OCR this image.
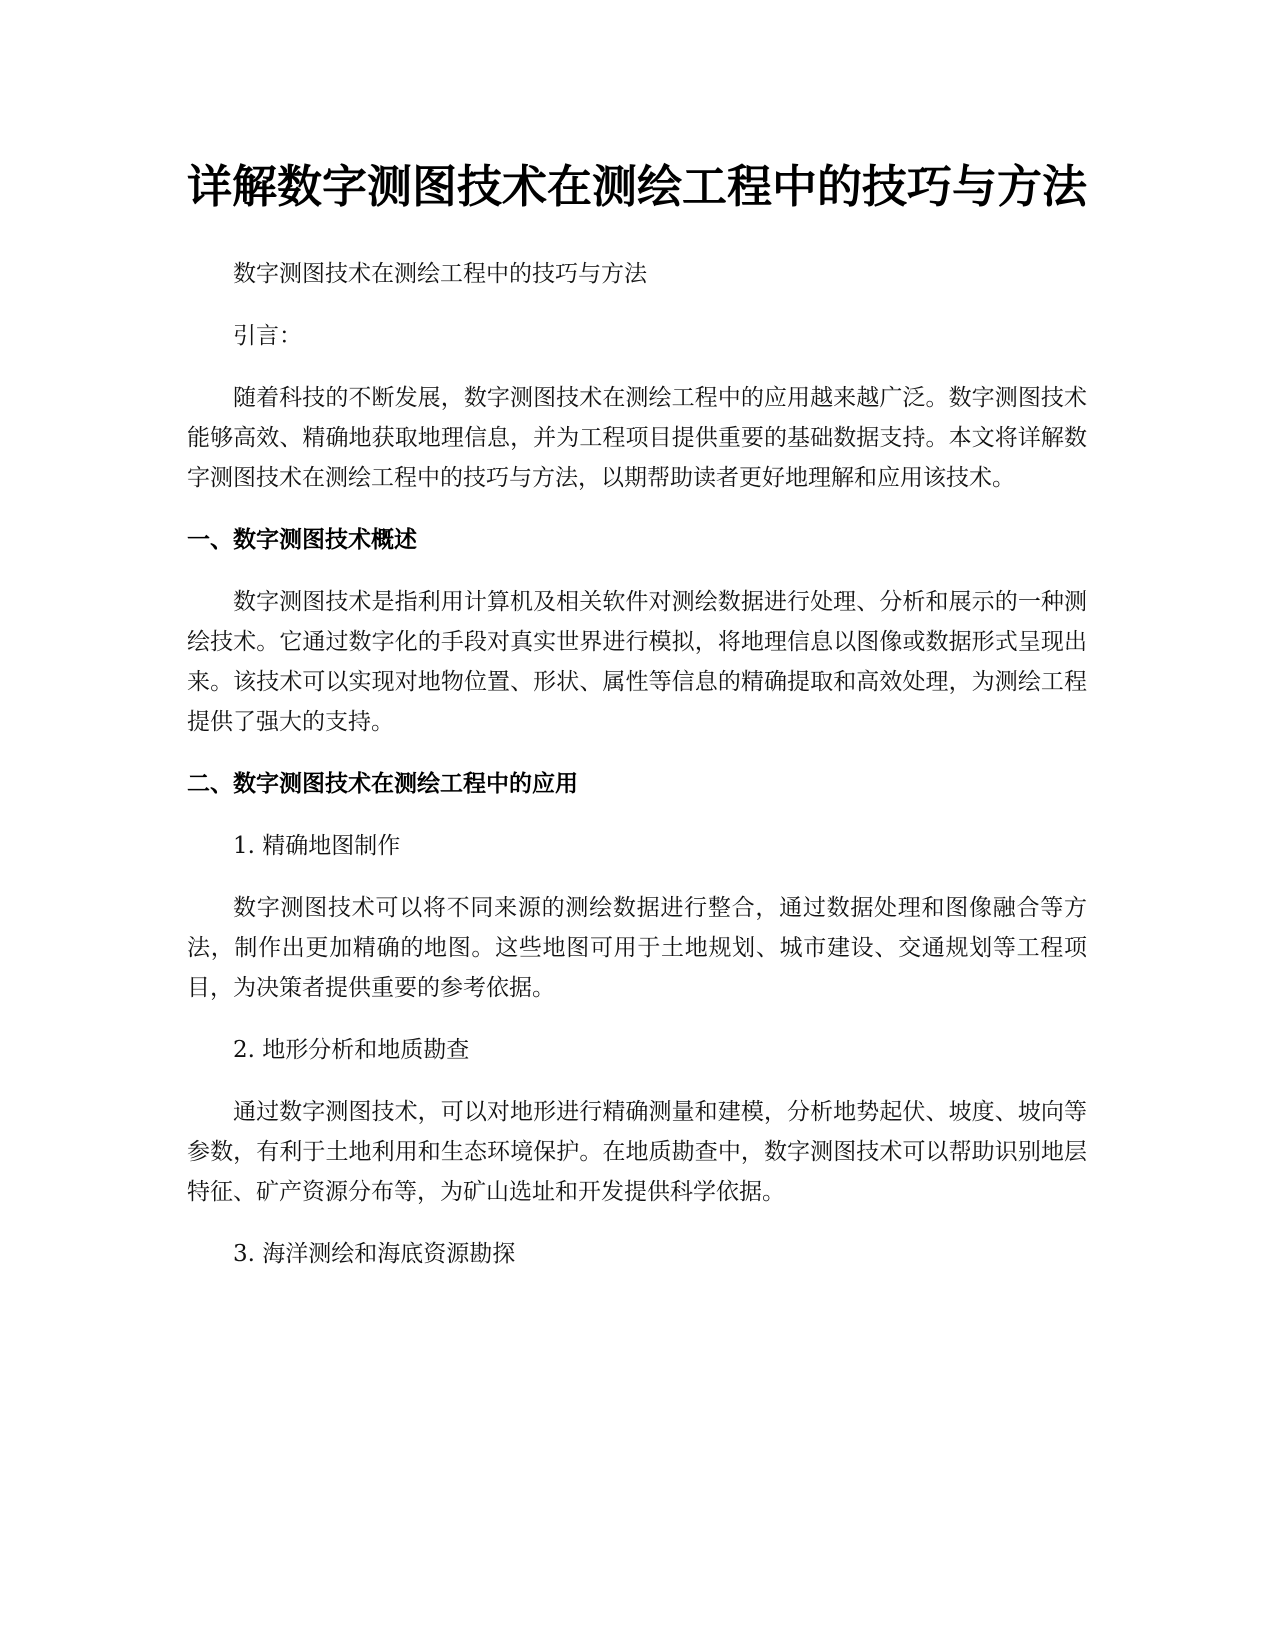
详解数字测图技术在测绘工程中的技巧与方法

数字测图技术在测绘工程中的技巧与方法

引言：

随着科技的不断发展，数字测图技术在测绘工程中的应用越来越广泛。数字测图技术能够高效、精确地获取地理信息，并为工程项目提供重要的基础数据支持。本文将详解数字测图技术在测绘工程中的技巧与方法，以期帮助读者更好地理解和应用该技术。

一、数字测图技术概述

数字测图技术是指利用计算机及相关软件对测绘数据进行处理、分析和展示的一种测绘技术。它通过数字化的手段对真实世界进行模拟，将地理信息以图像或数据形式呈现出来。该技术可以实现对地物位置、形状、属性等信息的精确提取和高效处理，为测绘工程提供了强大的支持。

二、数字测图技术在测绘工程中的应用

1. 精确地图制作

数字测图技术可以将不同来源的测绘数据进行整合，通过数据处理和图像融合等方法，制作出更加精确的地图。这些地图可用于土地规划、城市建设、交通规划等工程项目，为决策者提供重要的参考依据。

2. 地形分析和地质勘查

通过数字测图技术，可以对地形进行精确测量和建模，分析地势起伏、坡度、坡向等参数，有利于土地利用和生态环境保护。在地质勘查中，数字测图技术可以帮助识别地层特征、矿产资源分布等，为矿山选址和开发提供科学依据。

3. 海洋测绘和海底资源勘探
